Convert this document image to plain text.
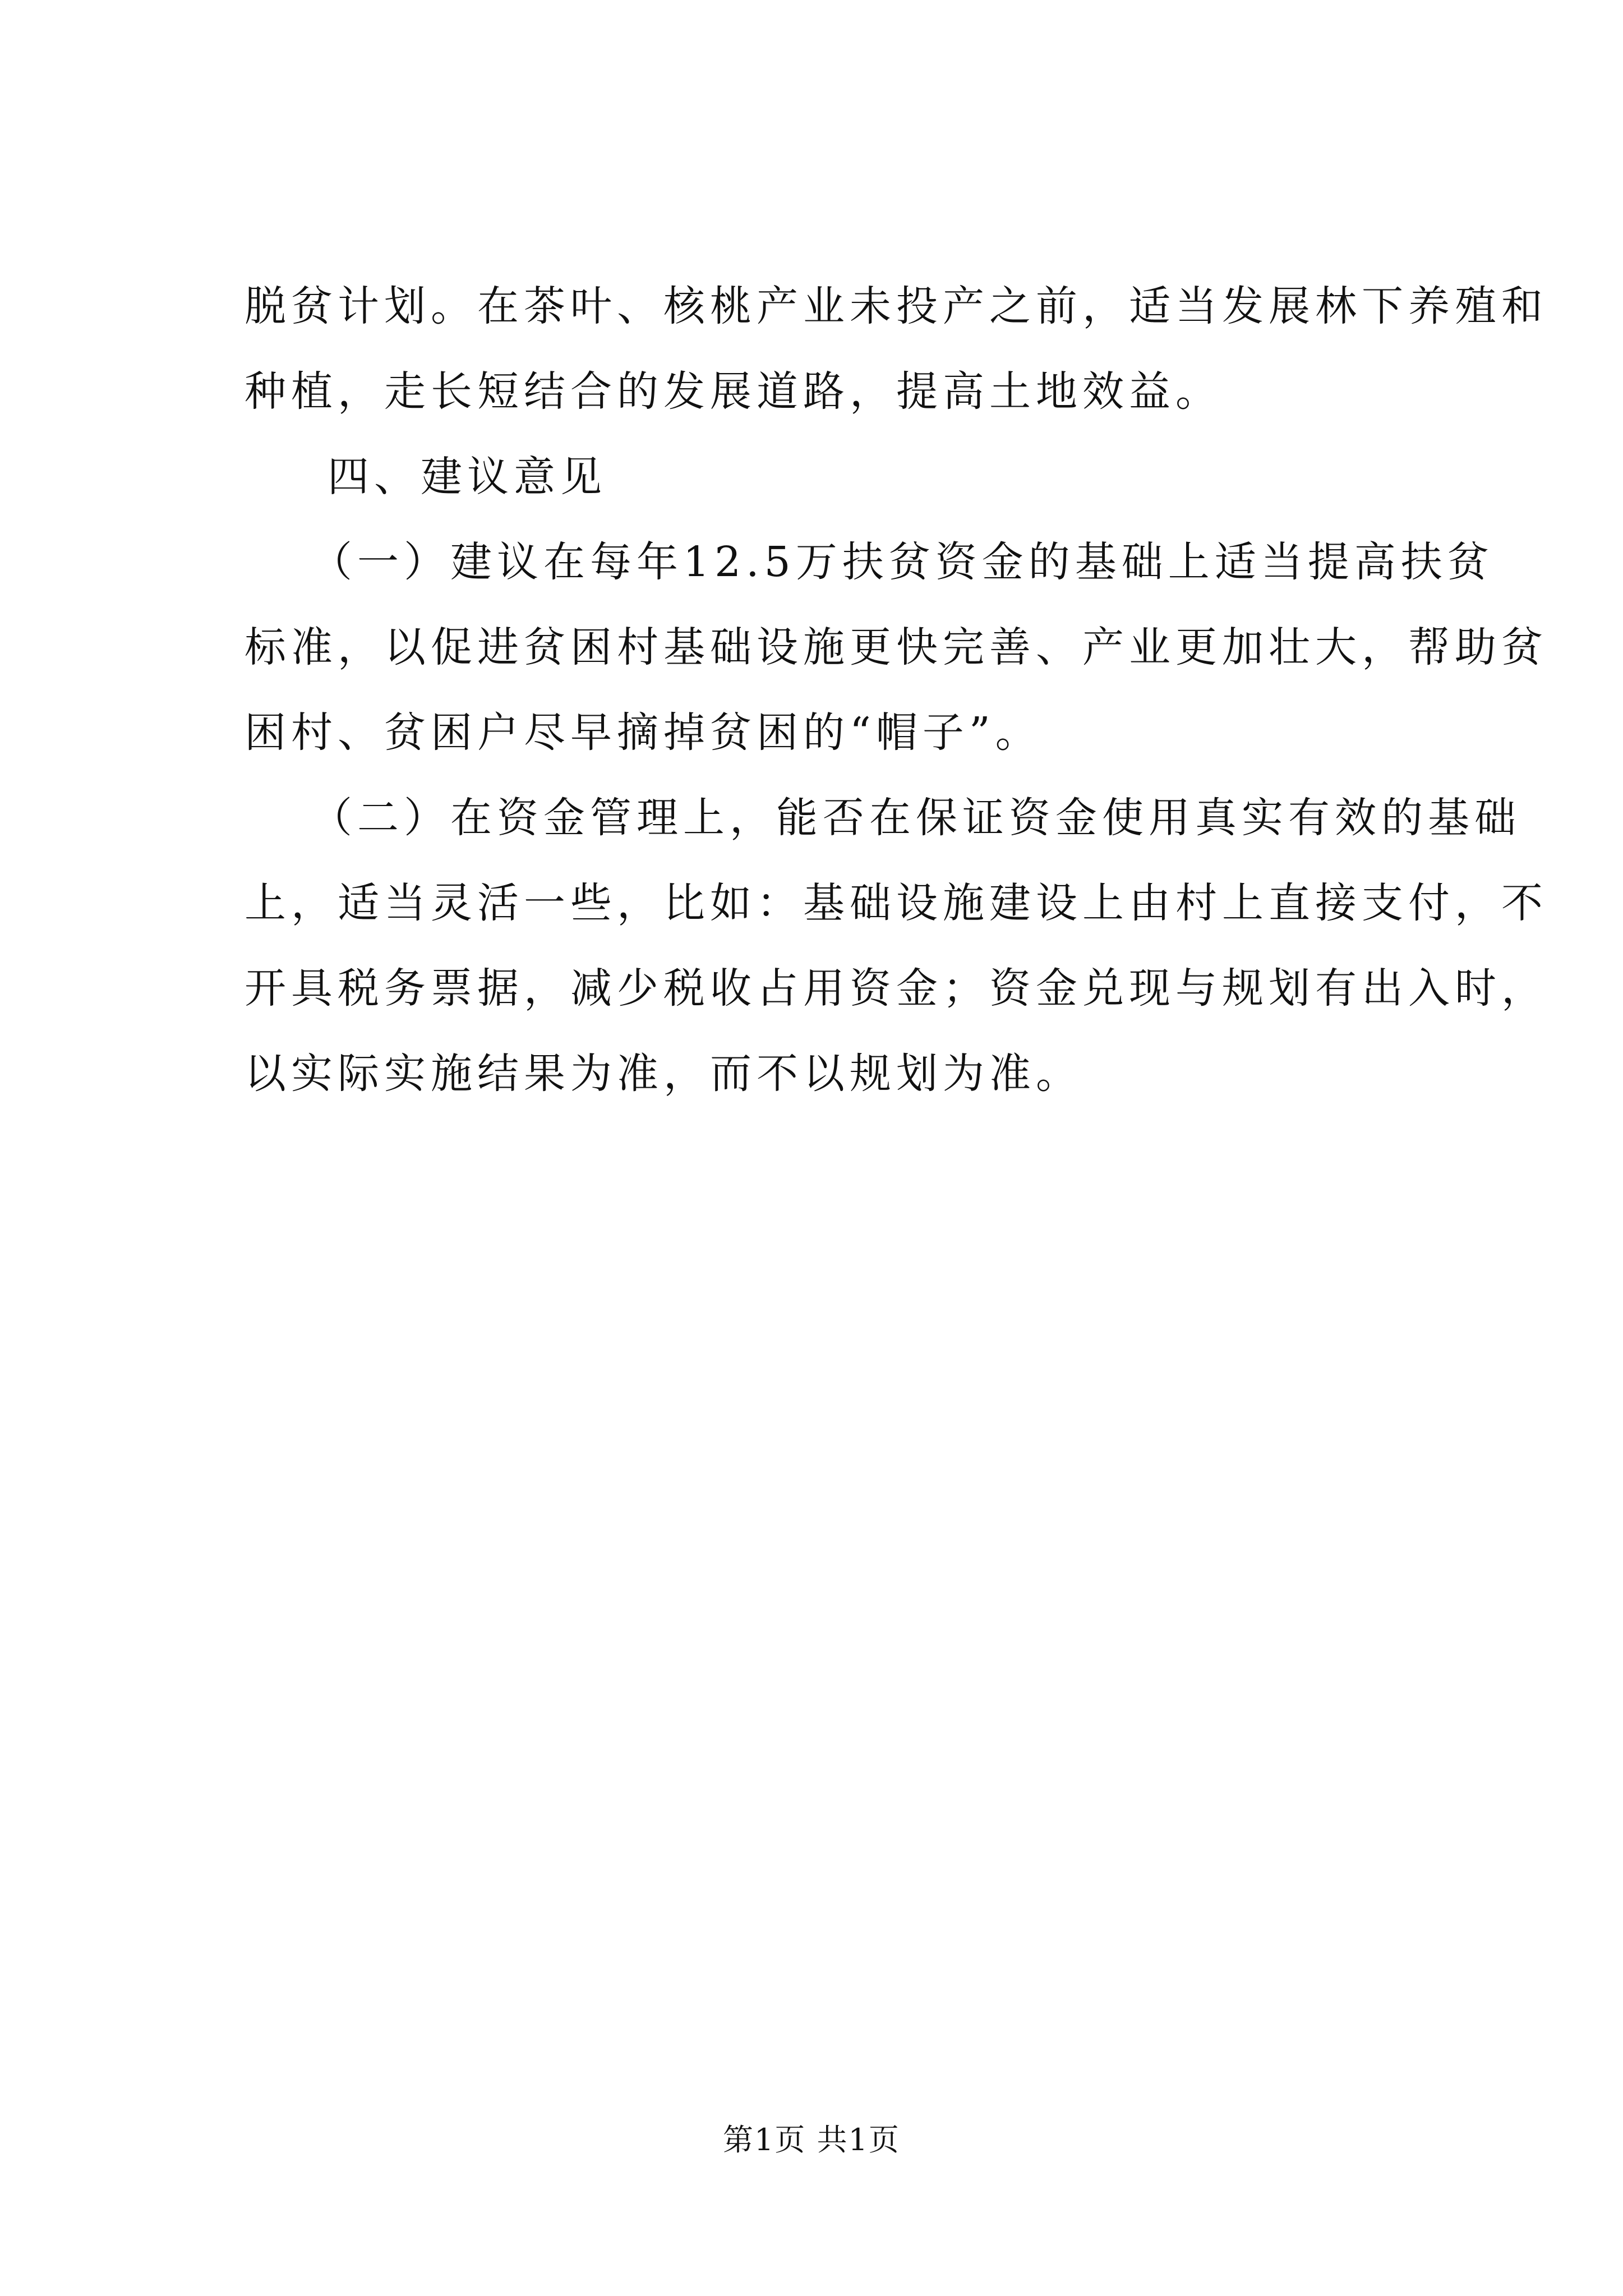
脱贫计划。在茶叶、核桃产业未投产之前，适当发展林下养殖和
种植，走长短结合的发展道路，提高土地效益。
四、建议意见
（一）建议在每年12.5万扶贫资金的基础上适当提高扶贫
标准，以促进贫困村基础设施更快完善、产业更加壮大，帮助贫
困村、贫困户尽早摘掉贫困的“帽子”。
（二）在资金管理上，能否在保证资金使用真实有效的基础
上，适当灵活一些，比如：基础设施建设上由村上直接支付，不
开具税务票据，减少税收占用资金；资金兑现与规划有出入时，
以实际实施结果为准，而不以规划为准。
第1页 共1页
